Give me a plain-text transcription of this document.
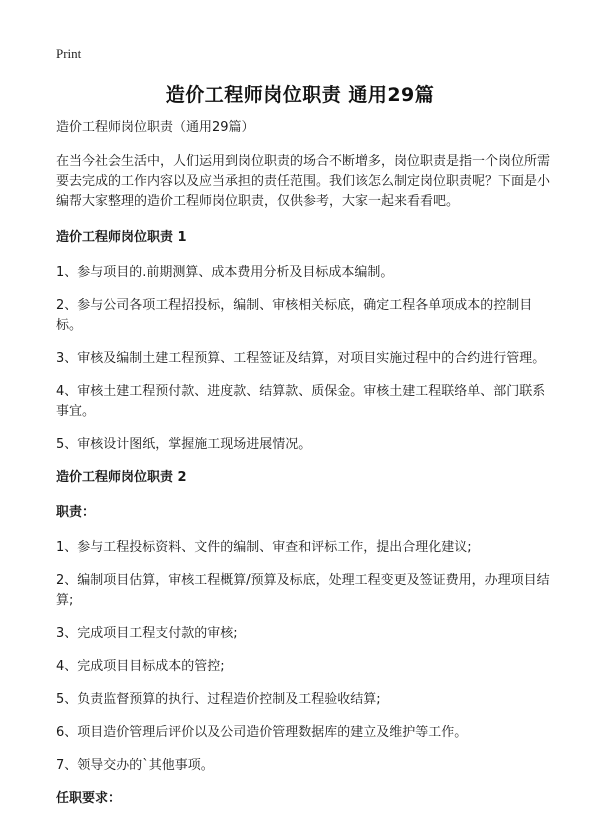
Print
造价工程师岗位职责 通用29篇

造价工程师岗位职责（通用29篇）

在当今社会生活中，人们运用到岗位职责的场合不断增多，岗位职责是指一个岗位所需要去完成的工作内容以及应当承担的责任范围。我们该怎么制定岗位职责呢？下面是小编帮大家整理的造价工程师岗位职责，仅供参考，大家一起来看看吧。

造价工程师岗位职责 1

1、参与项目的.前期测算、成本费用分析及目标成本编制。

2、参与公司各项工程招投标，编制、审核相关标底，确定工程各单项成本的控制目标。

3、审核及编制土建工程预算、工程签证及结算，对项目实施过程中的合约进行管理。

4、审核土建工程预付款、进度款、结算款、质保金。审核土建工程联络单、部门联系事宜。

5、审核设计图纸，掌握施工现场进展情况。

造价工程师岗位职责 2

职责：

1、参与工程投标资料、文件的编制、审查和评标工作，提出合理化建议;

2、编制项目估算，审核工程概算/预算及标底，处理工程变更及签证费用，办理项目结算;

3、完成项目工程支付款的审核;

4、完成项目目标成本的管控;

5、负责监督预算的执行、过程造价控制及工程验收结算;

6、项目造价管理后评价以及公司造价管理数据库的建立及维护等工作。

7、领导交办的`其他事项。

任职要求：
